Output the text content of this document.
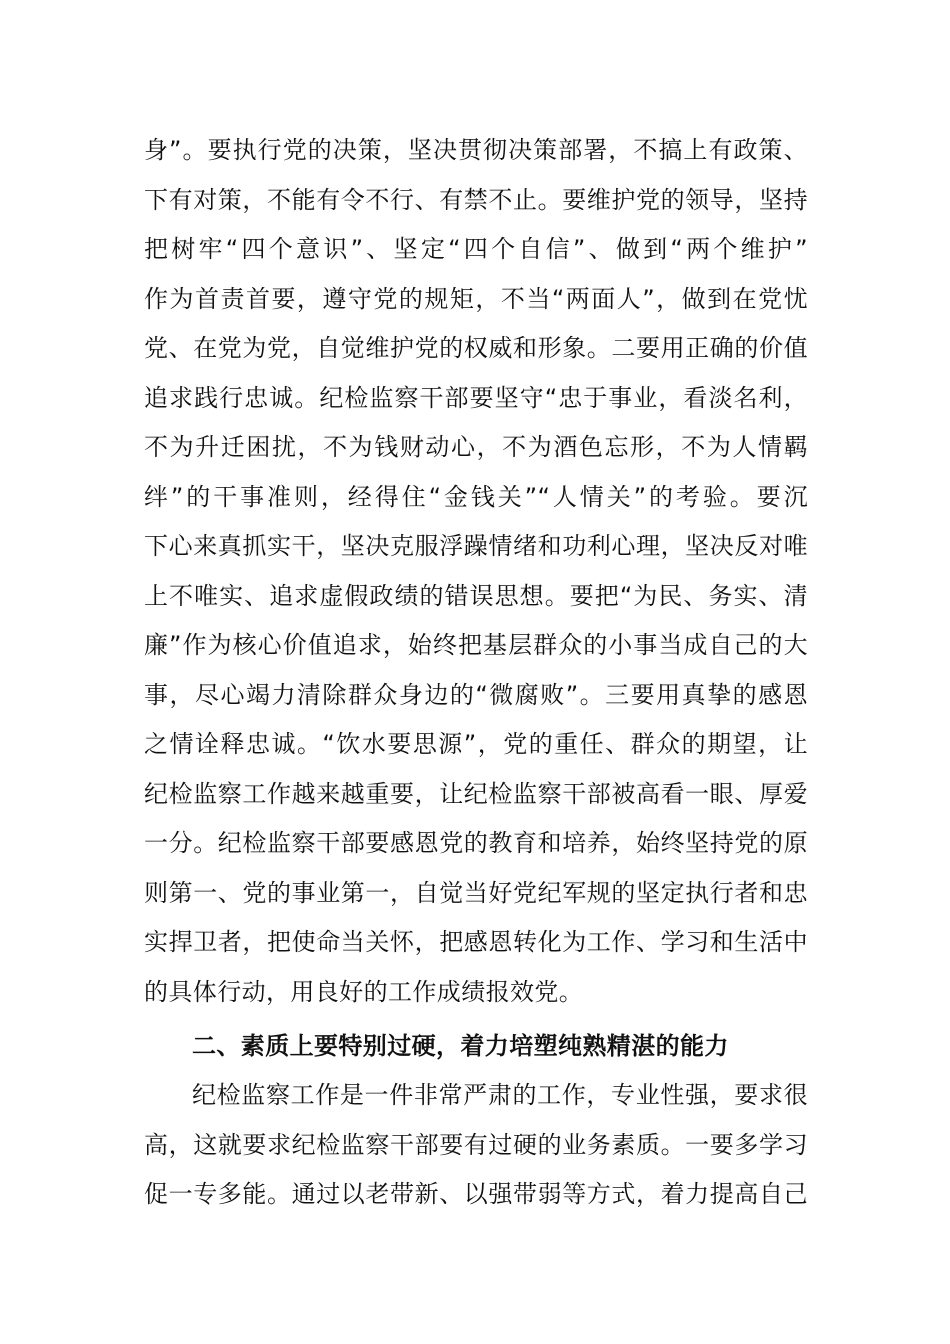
身”。要执行党的决策，坚决贯彻决策部署，不搞上有政策、
下有对策，不能有令不行、有禁不止。要维护党的领导，坚持
把树牢“四个意识”、坚定“四个自信”、做到“两个维护”
作为首责首要，遵守党的规矩，不当“两面人”，做到在党忧
党、在党为党，自觉维护党的权威和形象。二要用正确的价值
追求践行忠诚。纪检监察干部要坚守“忠于事业，看淡名利，
不为升迁困扰，不为钱财动心，不为酒色忘形，不为人情羁
绊”的干事准则，经得住“金钱关”“人情关”的考验。要沉
下心来真抓实干，坚决克服浮躁情绪和功利心理，坚决反对唯
上不唯实、追求虚假政绩的错误思想。要把“为民、务实、清
廉”作为核心价值追求，始终把基层群众的小事当成自己的大
事，尽心竭力清除群众身边的“微腐败”。三要用真挚的感恩
之情诠释忠诚。“饮水要思源”，党的重任、群众的期望，让
纪检监察工作越来越重要，让纪检监察干部被高看一眼、厚爱
一分。纪检监察干部要感恩党的教育和培养，始终坚持党的原
则第一、党的事业第一，自觉当好党纪军规的坚定执行者和忠
实捍卫者，把使命当关怀，把感恩转化为工作、学习和生活中
的具体行动，用良好的工作成绩报效党。
二、素质上要特别过硬，着力培塑纯熟精湛的能力
纪检监察工作是一件非常严肃的工作，专业性强，要求很
高，这就要求纪检监察干部要有过硬的业务素质。一要多学习
促一专多能。通过以老带新、以强带弱等方式，着力提高自己
